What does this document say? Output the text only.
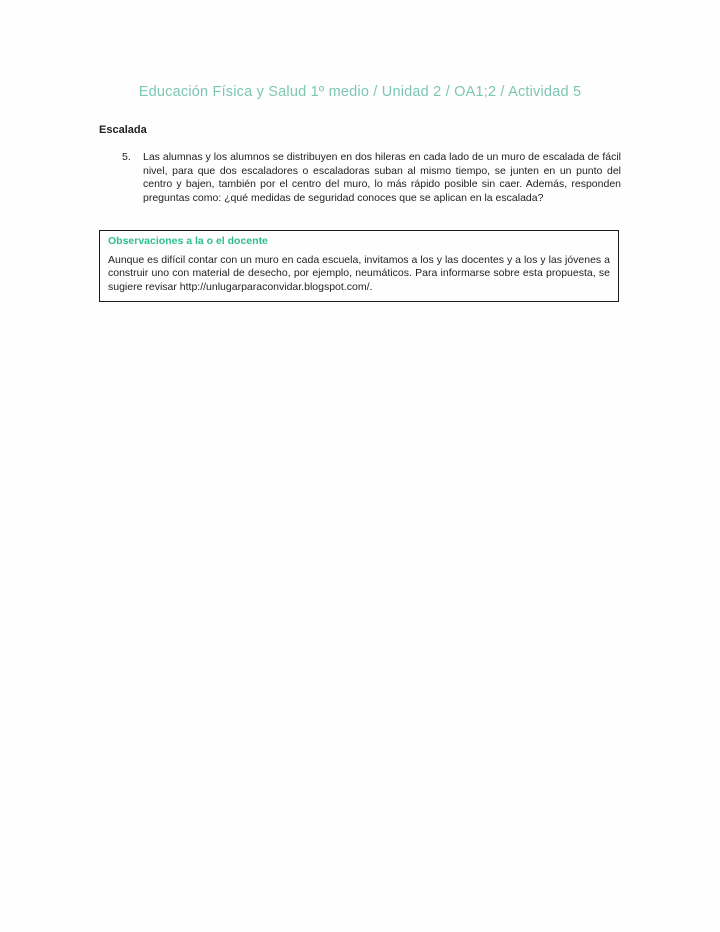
Educación Física y Salud 1º medio / Unidad 2 / OA1;2 / Actividad 5
Escalada
5.	Las alumnas y los alumnos se distribuyen en dos hileras en cada lado de un muro de escalada de fácil nivel, para que dos escaladores o escaladoras suban al mismo tiempo, se junten en un punto del centro y bajen, también por el centro del muro, lo más rápido posible sin caer. Además, responden preguntas como: ¿qué medidas de seguridad conoces que se aplican en la escalada?

Observaciones a la o el docente

Aunque es difícil contar con un muro en cada escuela, invitamos a los y las docentes y a los y las jóvenes a construir uno con material de desecho, por ejemplo, neumáticos. Para informarse sobre esta propuesta, se sugiere revisar http://unlugarparaconvidar.blogspot.com/.
